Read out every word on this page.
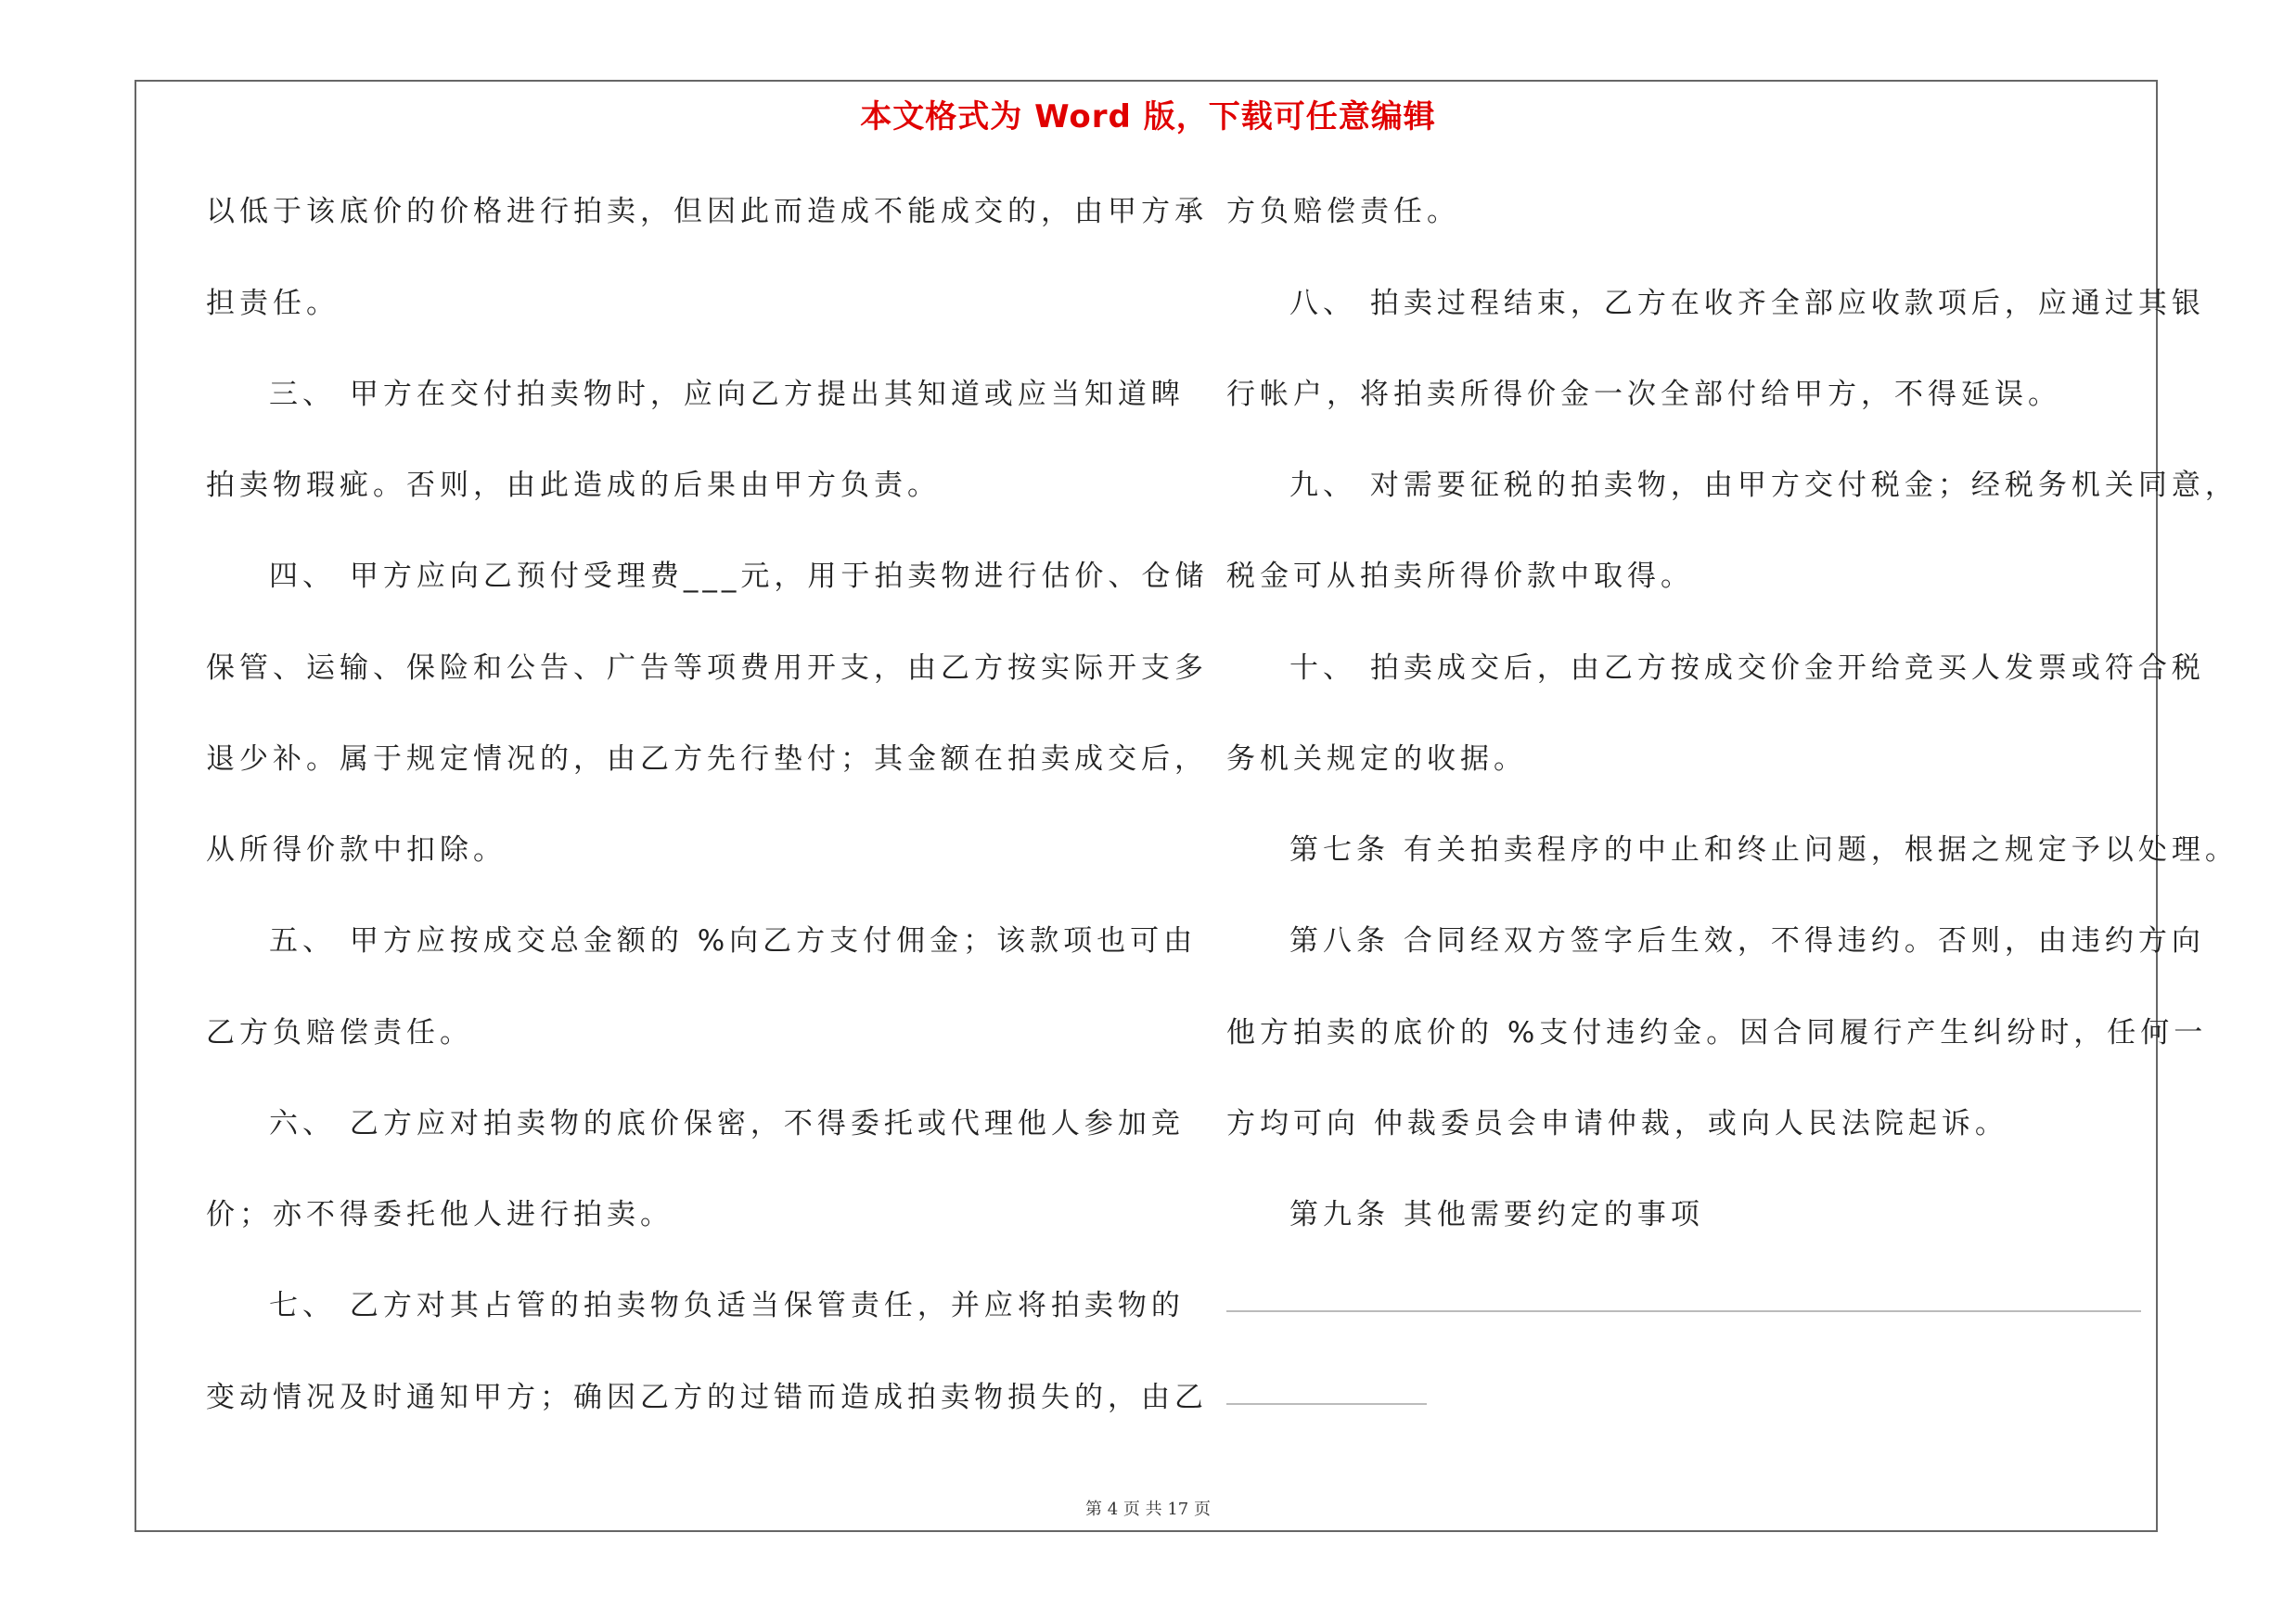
本文格式为 Word 版，下载可任意编辑
以低于该底价的价格进行拍卖，但因此而造成不能成交的，由甲方承
担责任。
三、 甲方在交付拍卖物时，应向乙方提出其知道或应当知道睥
拍卖物瑕疵。否则，由此造成的后果由甲方负责。
四、 甲方应向乙预付受理费___元，用于拍卖物进行估价、仓储
保管、运输、保险和公告、广告等项费用开支，由乙方按实际开支多
退少补。属于规定情况的，由乙方先行垫付；其金额在拍卖成交后，
从所得价款中扣除。
五、 甲方应按成交总金额的 %向乙方支付佣金；该款项也可由
乙方负赔偿责任。
六、 乙方应对拍卖物的底价保密，不得委托或代理他人参加竞
价；亦不得委托他人进行拍卖。
七、 乙方对其占管的拍卖物负适当保管责任，并应将拍卖物的
变动情况及时通知甲方；确因乙方的过错而造成拍卖物损失的，由乙
方负赔偿责任。
八、 拍卖过程结束，乙方在收齐全部应收款项后，应通过其银
行帐户，将拍卖所得价金一次全部付给甲方，不得延误。
九、 对需要征税的拍卖物，由甲方交付税金；经税务机关同意，
税金可从拍卖所得价款中取得。
十、 拍卖成交后，由乙方按成交价金开给竞买人发票或符合税
务机关规定的收据。
第七条 有关拍卖程序的中止和终止问题，根据之规定予以处理。
第八条 合同经双方签字后生效，不得违约。否则，由违约方向
他方拍卖的底价的 %支付违约金。因合同履行产生纠纷时，任何一
方均可向 仲裁委员会申请仲裁，或向人民法院起诉。
第九条 其他需要约定的事项
第 4 页 共 17 页
